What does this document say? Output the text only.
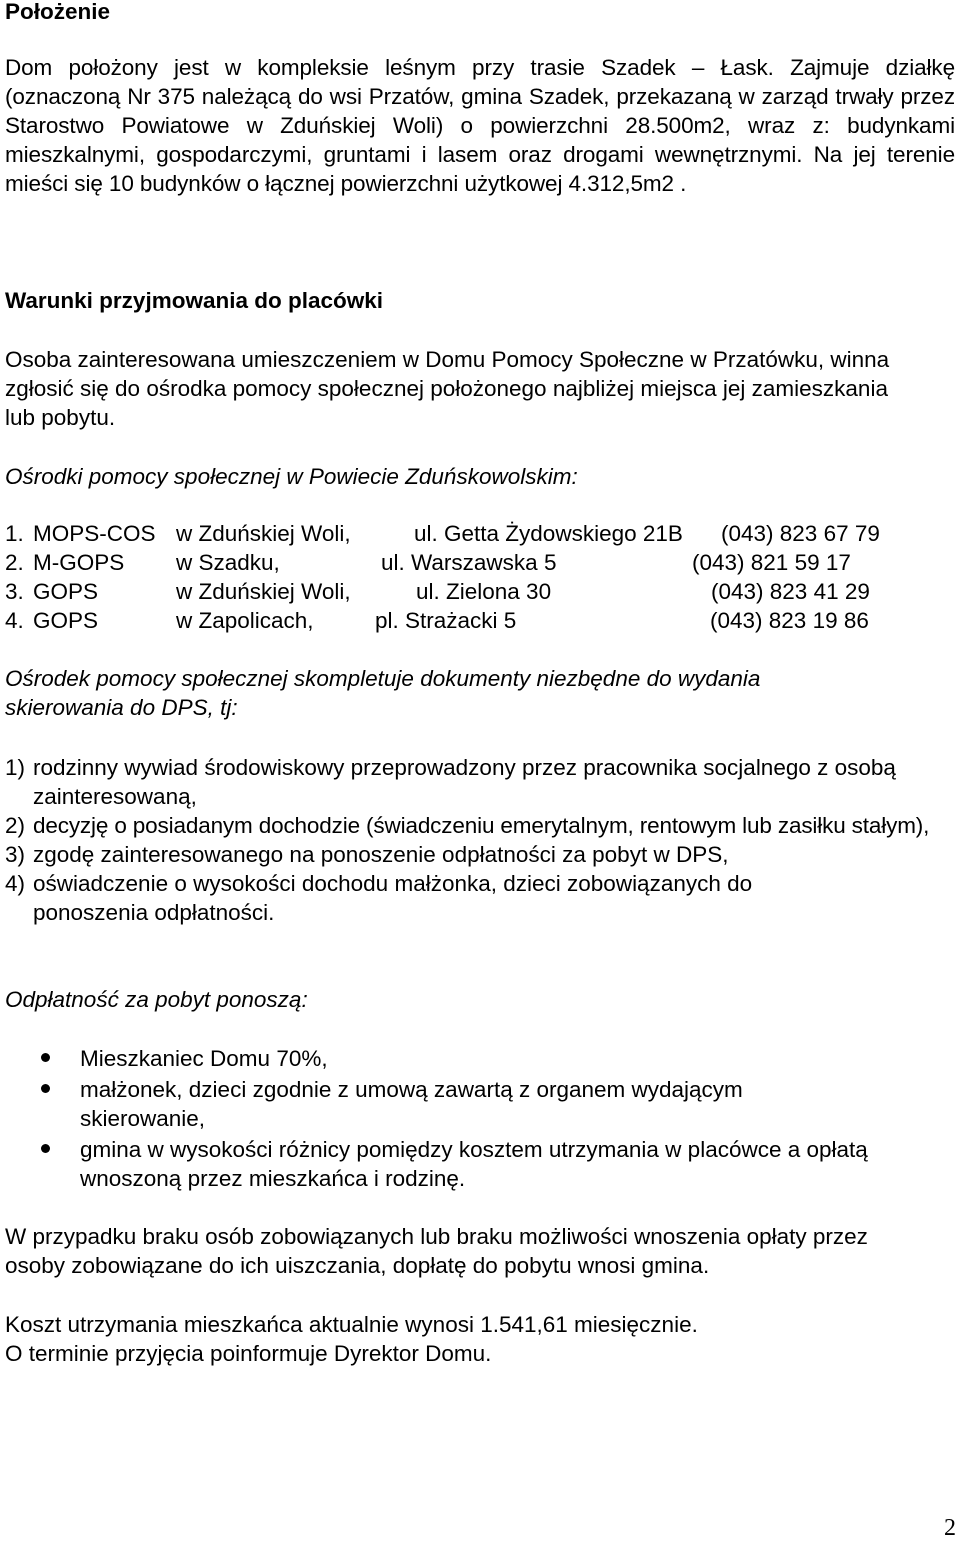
Położenie

Dom położony jest w kompleksie leśnym przy trasie Szadek – Łask. Zajmuje działkę (oznaczoną Nr 375 należącą do wsi Przatów, gmina Szadek, przekazaną w zarząd trwały przez Starostwo Powiatowe w Zduńskiej Woli) o powierzchni 28.500m2, wraz z: budynkami mieszkalnymi, gospodarczymi, gruntami i lasem oraz drogami wewnętrznymi. Na jej terenie mieści się 10 budynków o łącznej powierzchni użytkowej 4.312,5m2 .

Warunki przyjmowania do placówki

Osoba zainteresowana umieszczeniem w Domu Pomocy Społeczne w Przatówku, winna zgłosić się do ośrodka pomocy społecznej położonego najbliżej miejsca jej zamieszkania lub pobytu.

Ośrodki pomocy społecznej w Powiecie Zduńskowolskim:

1. MOPS-COS w Zduńskiej Woli,	ul. Getta Żydowskiego 21B	(043) 823 67 79
2. M-GOPS	w Szadku,	ul. Warszawska 5	(043) 821 59 17
3. GOPS	w Zduńskiej Woli,	ul. Zielona 30	(043) 823 41 29
4. GOPS	w Zapolicach,	pl. Strażacki 5	(043) 823 19 86

Ośrodek pomocy społecznej skompletuje dokumenty niezbędne do wydania skierowania do DPS, tj:

1) rodzinny wywiad środowiskowy przeprowadzony przez pracownika socjalnego z osobą zainteresowaną,
2) decyzję o posiadanym dochodzie (świadczeniu emerytalnym, rentowym lub zasiłku stałym),
3) zgodę zainteresowanego na ponoszenie odpłatności za pobyt w DPS,
4) oświadczenie o wysokości dochodu małżonka, dzieci zobowiązanych do ponoszenia odpłatności.

Odpłatność za pobyt ponoszą:

Mieszkaniec Domu 70%,
małżonek, dzieci zgodnie z umową zawartą z organem wydającym skierowanie,
gmina w wysokości różnicy pomiędzy kosztem utrzymania w placówce a opłatą wnoszoną przez mieszkańca i rodzinę.

W przypadku braku osób zobowiązanych lub braku możliwości wnoszenia opłaty przez osoby zobowiązane do ich uiszczania, dopłatę do pobytu wnosi gmina.

Koszt utrzymania mieszkańca aktualnie wynosi 1.541,61 miesięcznie.

O terminie przyjęcia poinformuje Dyrektor Domu.

2
